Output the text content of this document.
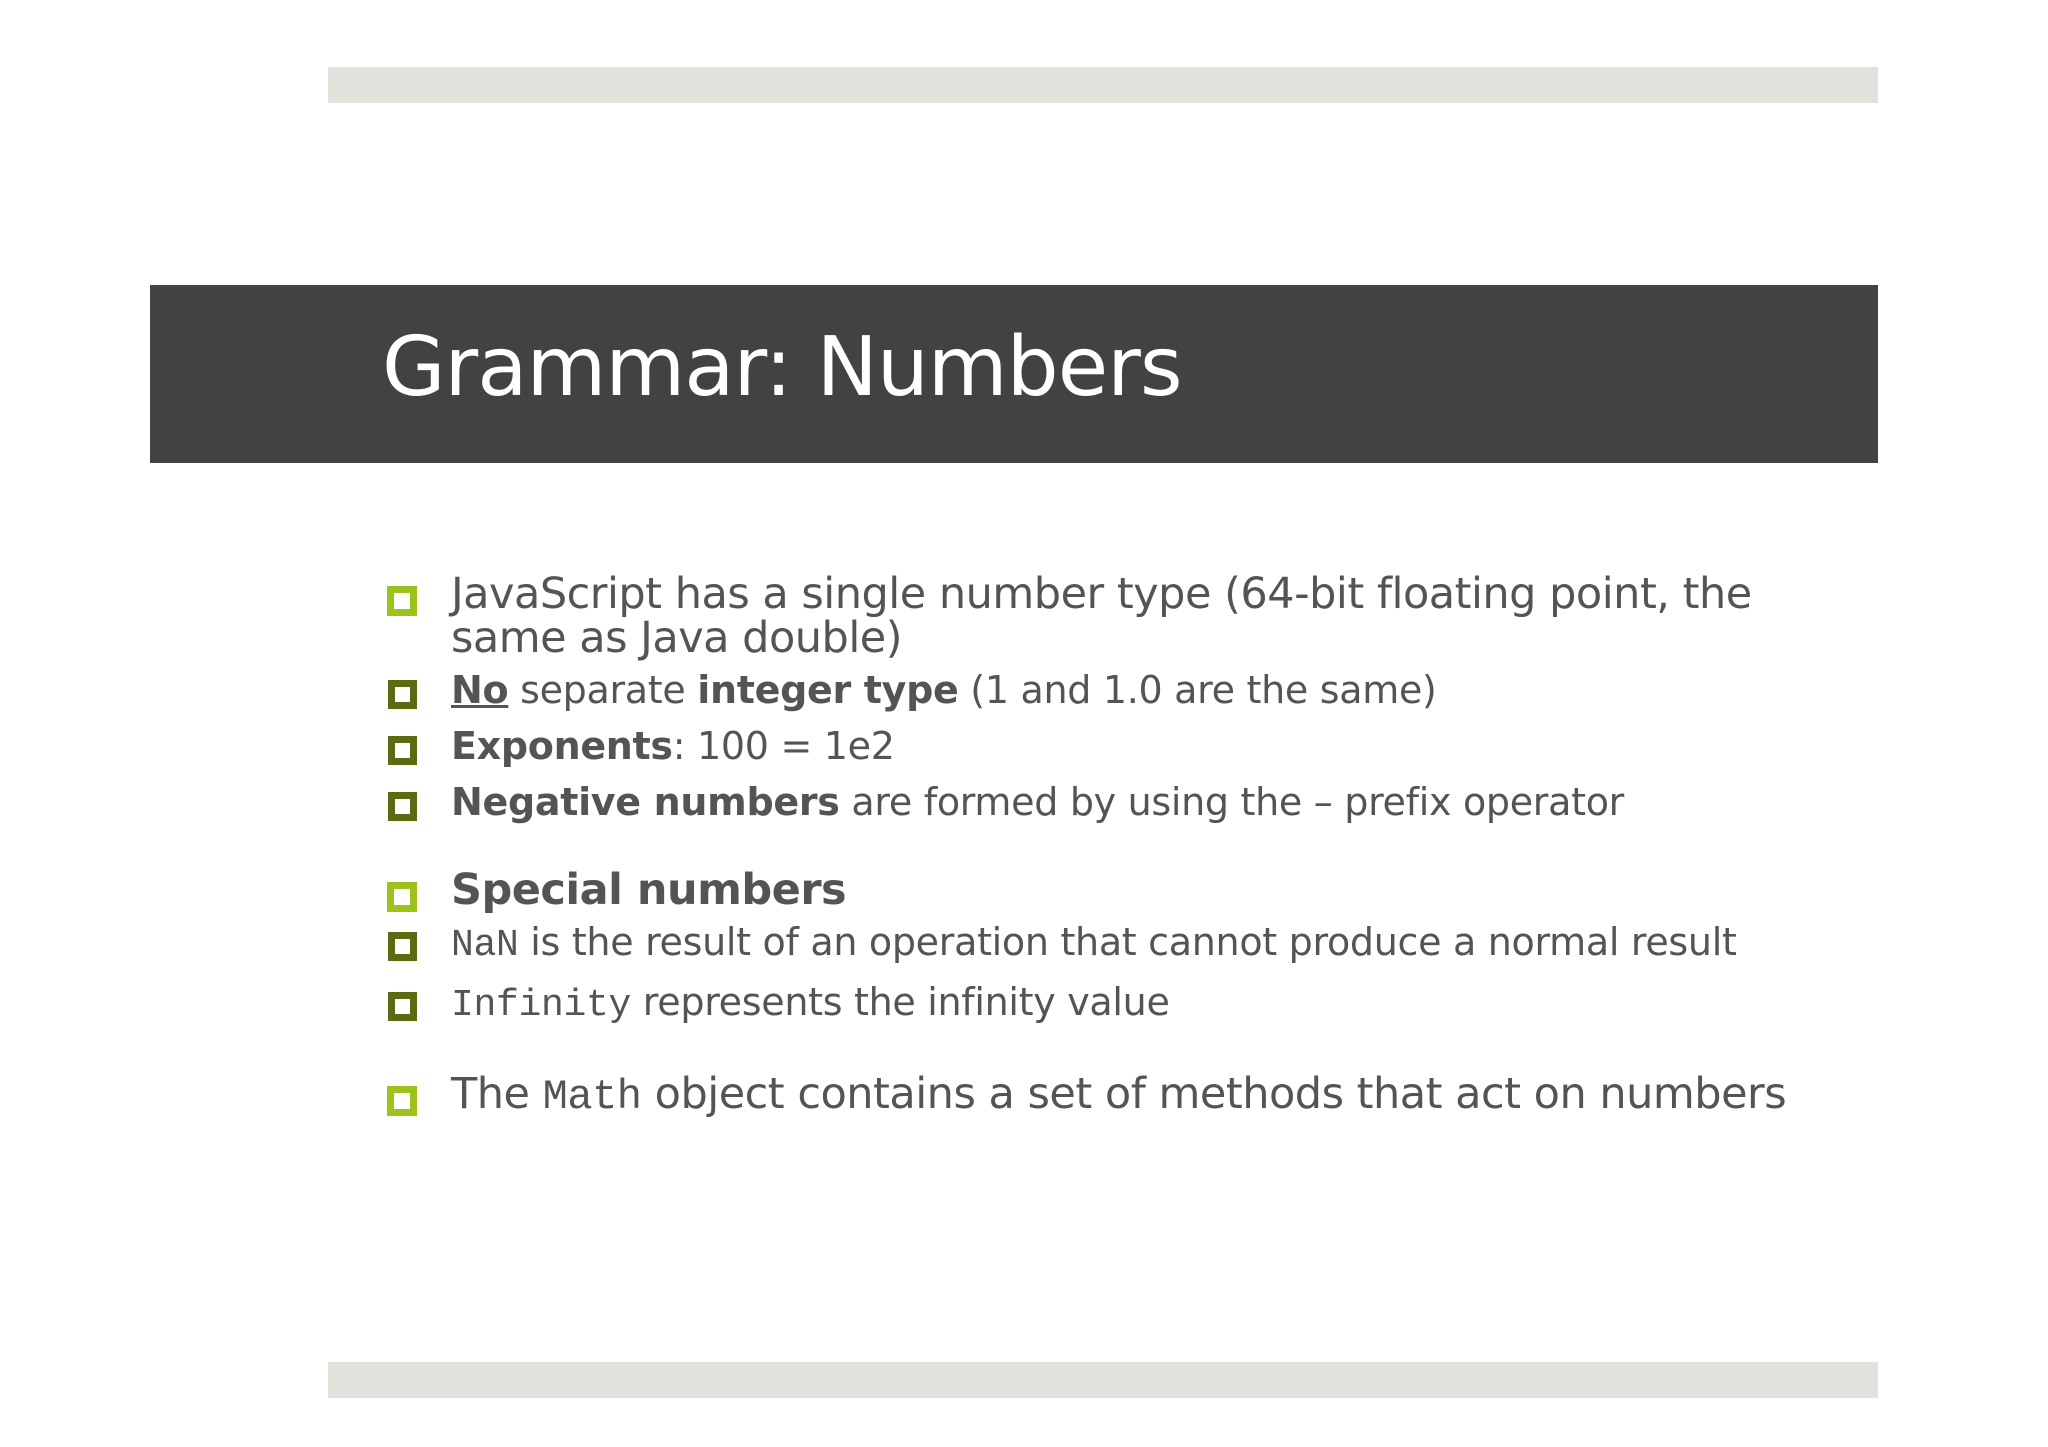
Grammar: Numbers
JavaScript has a single number type (64-bit floating point, the same as Java double)
No separate integer type (1 and 1.0 are the same)
Exponents: 100 = 1e2
Negative numbers are formed by using the – prefix operator
Special numbers
NaN is the result of an operation that cannot produce a normal result
Infinity represents the infinity value
The Math object contains a set of methods that act on numbers
